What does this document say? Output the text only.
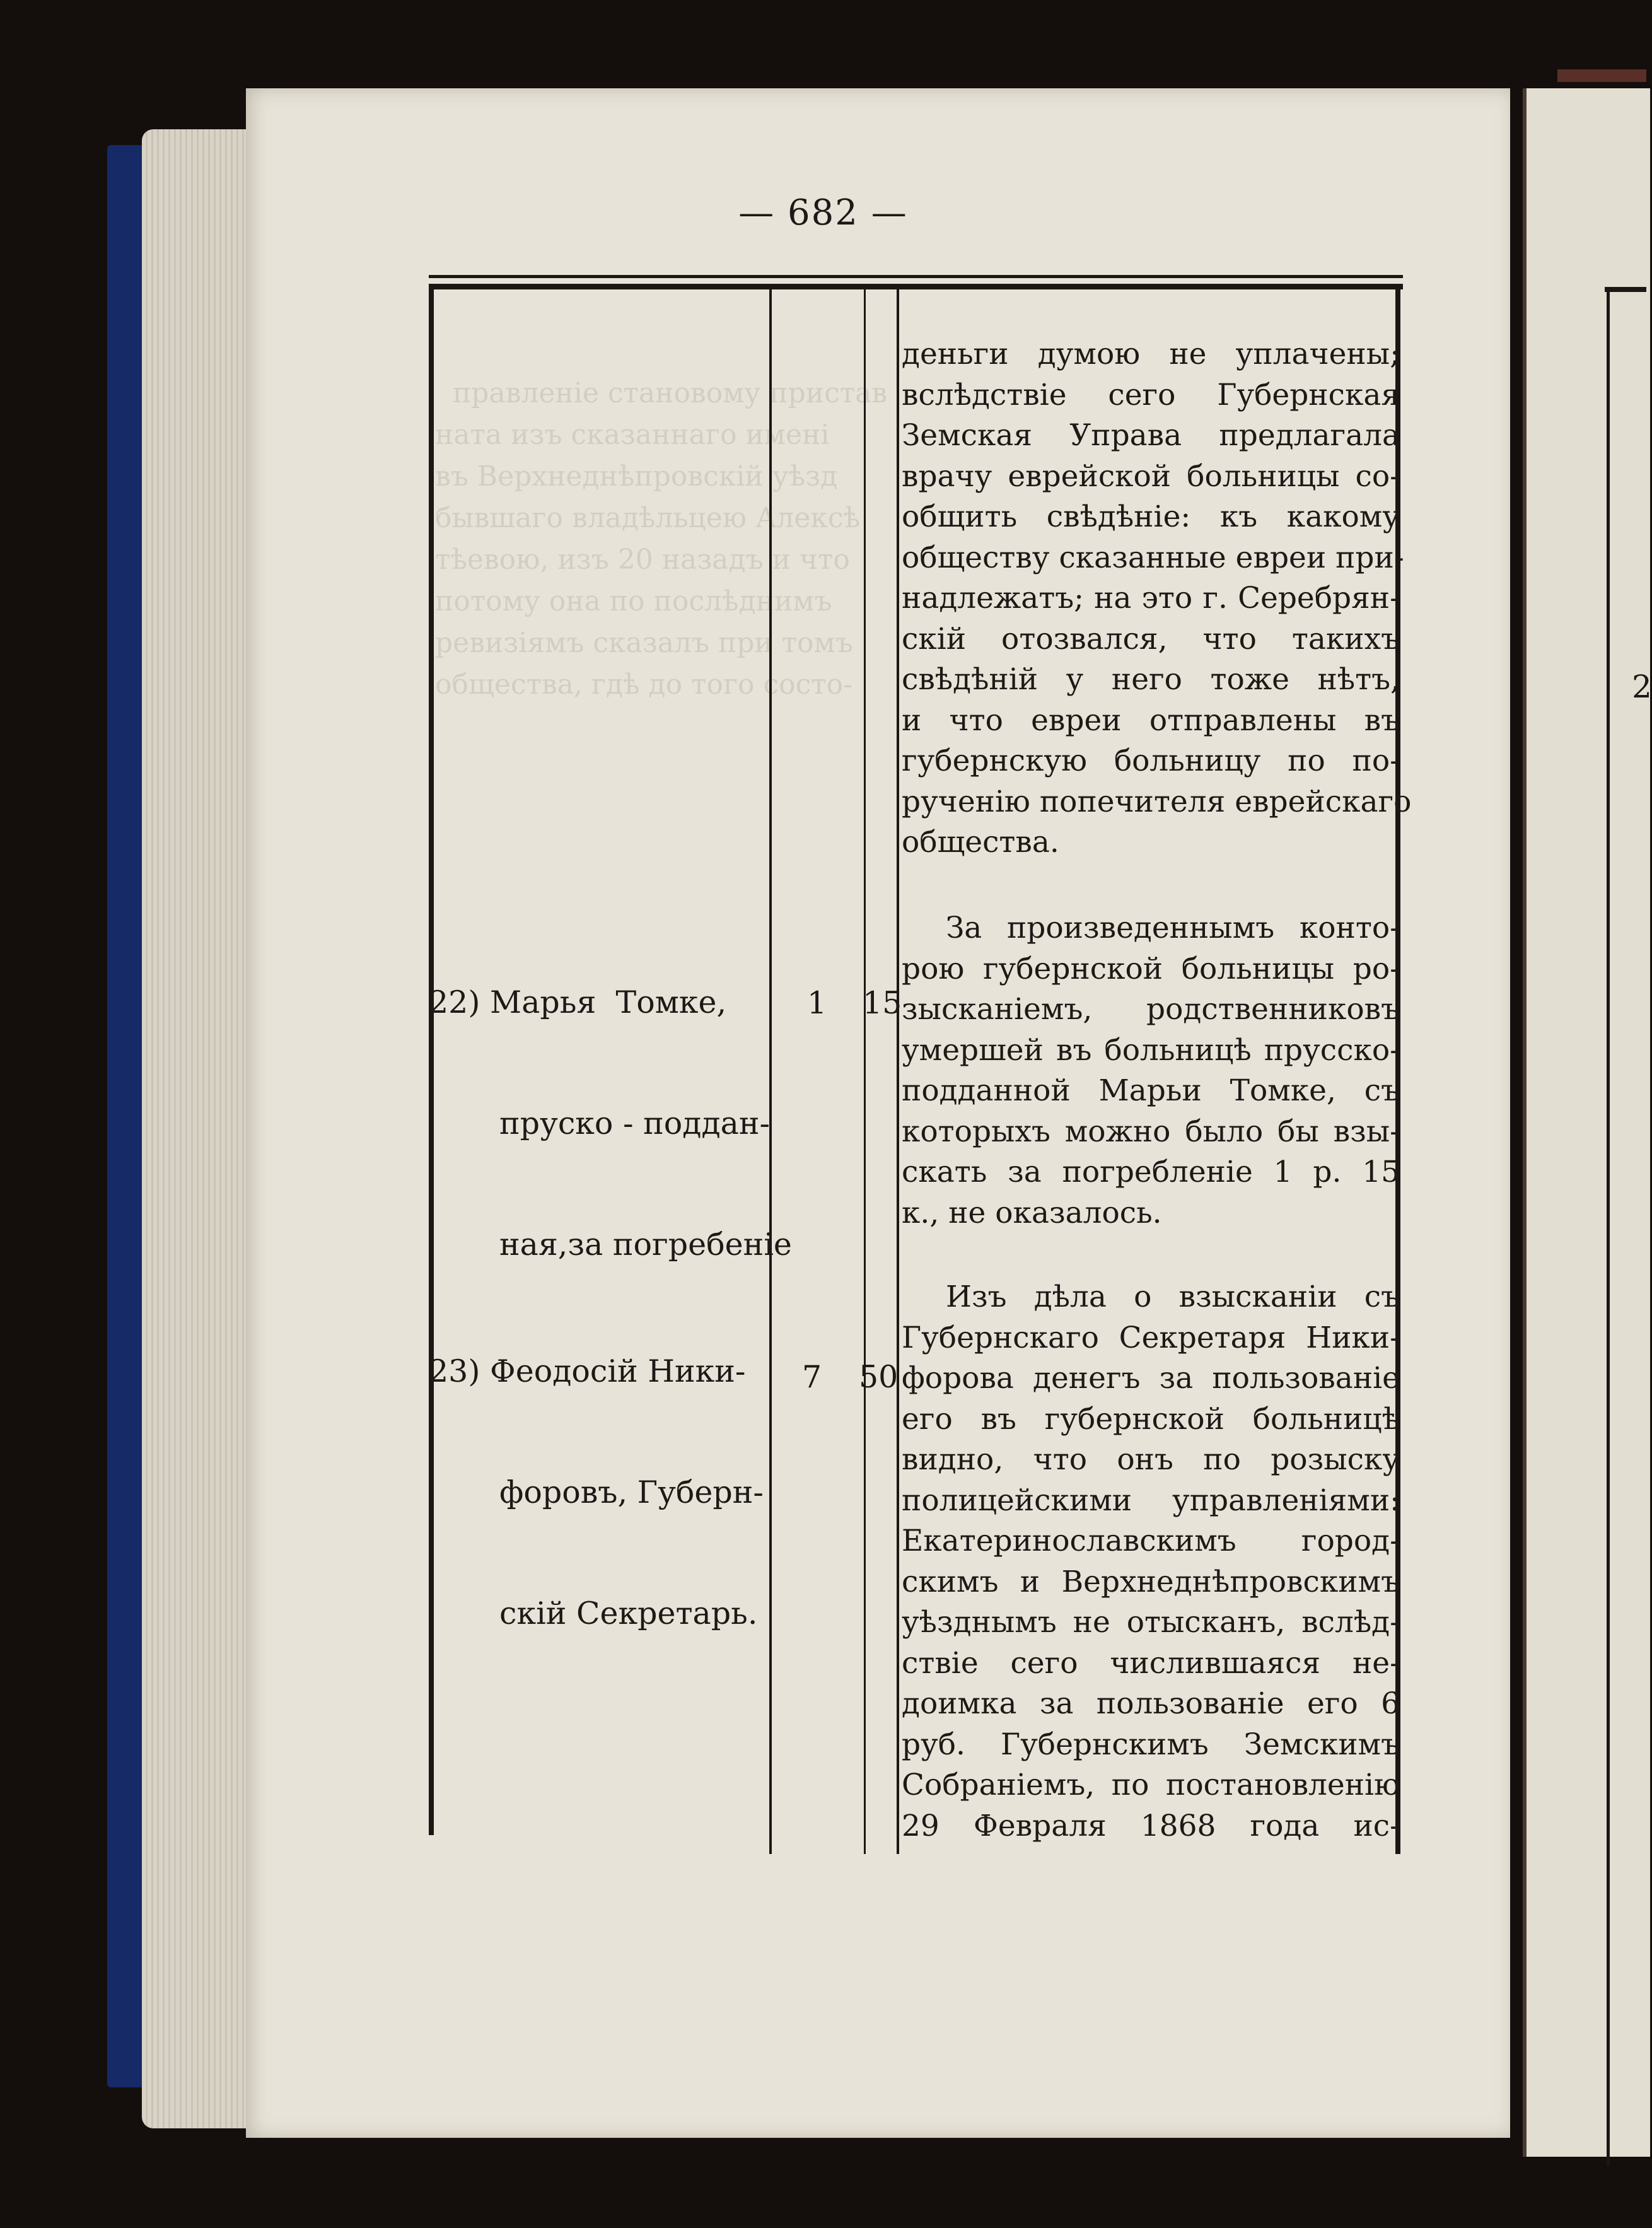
2
— 682 —

правленіе становому пристав
ната изъ сказаннаго имені
въ Верхнеднѣпровскій уѣзд
бывшаго владѣльцею Алексѣ
тѣевою, изъ 20 назадъ и что
потому она по послѣднимъ
ревизіямъ сказалъ при томъ
общества, гдѣ до того состо-

деньги думою не уплачены;
вслѣдствіе сего Губернская
Земская Управа предлагала
врачу еврейской больницы со-
общить свѣдѣніе: къ какому
обществу сказанные евреи при-
надлежатъ; на это г. Серебрян-
скій отозвался, что такихъ
свѣдѣній у него тоже нѣтъ,
и что евреи отправлены въ
губернскую больницу по по-
рученію попечителя еврейскаго
общества.

22) Марья  Томке,

пруско - поддан-

ная,за погребеніе

1 15
За произведеннымъ конто-
рою губернской больницы ро-
зысканіемъ, родственниковъ
умершей въ больницѣ прусско-
подданной Марьи Томке, съ
которыхъ можно было бы взы-
скать за погребленіе 1 р. 15
к., не оказалось.

23) Феодосій Ники-

форовъ, Губерн-

скій Секретарь.

7 50
Изъ дѣла о взысканіи съ
Губернскаго Секретаря Ники-
форова денегъ за пользованіе
его въ губернской больницѣ
видно, что онъ по розыску
полицейскими управленіями:
Екатеринославскимъ город-
скимъ и Верхнеднѣпровскимъ
уѣзднымъ не отысканъ, вслѣд-
ствіе сего числившаяся не-
доимка за пользованіе его 6
руб. Губернскимъ Земскимъ
Собраніемъ, по постановленію
29 Февраля 1868 года ис-
